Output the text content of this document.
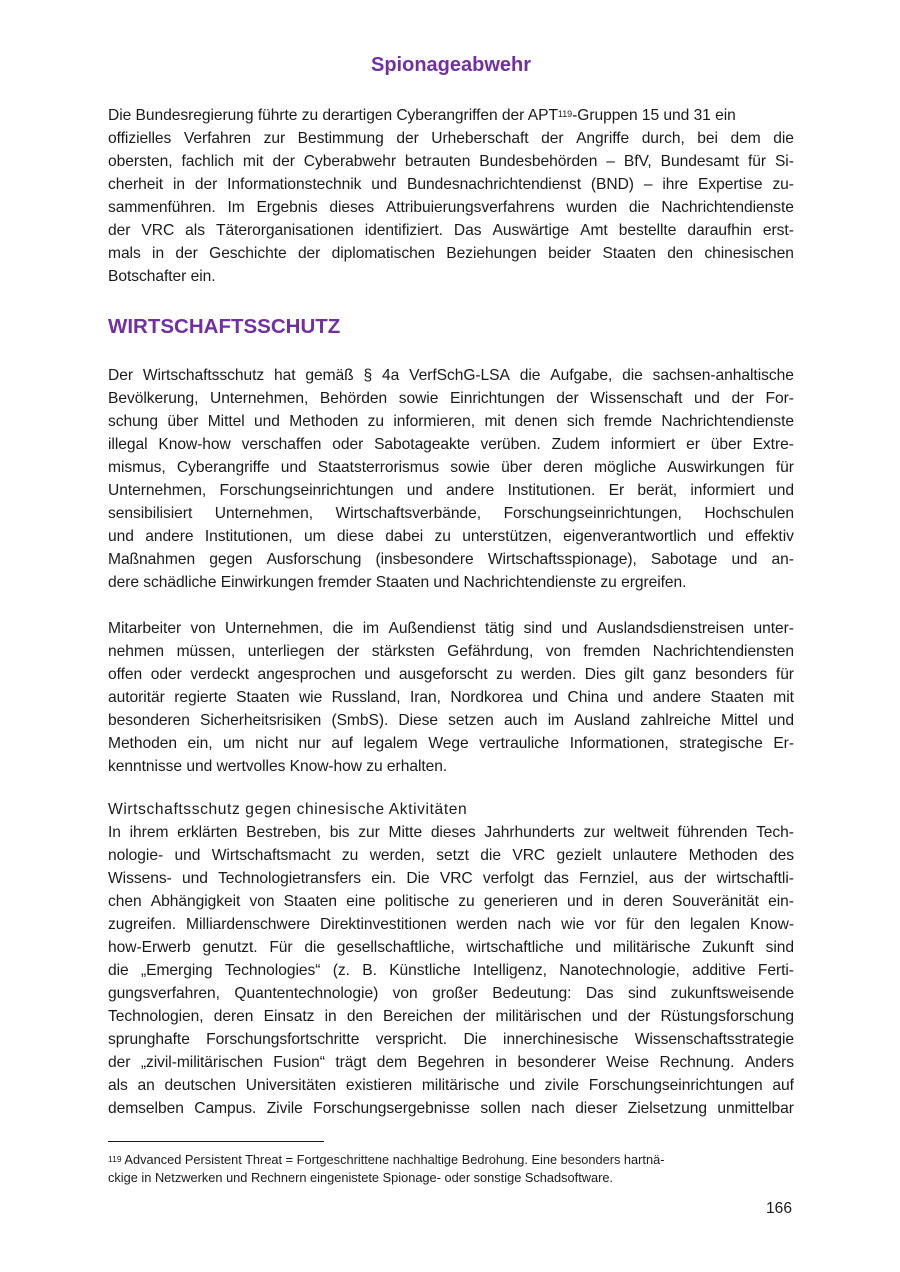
Spionageabwehr
Die Bundesregierung führte zu derartigen Cyberangriffen der APT$^{119}$-Gruppen 15 und 31 ein
offizielles Verfahren zur Bestimmung der Urheberschaft der Angriffe durch, bei dem die
obersten, fachlich mit der Cyberabwehr betrauten Bundesbehörden – BfV, Bundesamt für Si-
cherheit in der Informationstechnik und Bundesnachrichtendienst (BND) – ihre Expertise zu-
sammenführen. Im Ergebnis dieses Attribuierungsverfahrens wurden die Nachrichtendienste
der VRC als Täterorganisationen identifiziert. Das Auswärtige Amt bestellte daraufhin erst-
mals in der Geschichte der diplomatischen Beziehungen beider Staaten den chinesischen
Botschafter ein.
WIRTSCHAFTSSCHUTZ
Der Wirtschaftsschutz hat gemäß § 4a VerfSchG-LSA die Aufgabe, die sachsen-anhaltische
Bevölkerung, Unternehmen, Behörden sowie Einrichtungen der Wissenschaft und der For-
schung über Mittel und Methoden zu informieren, mit denen sich fremde Nachrichtendienste
illegal Know-how verschaffen oder Sabotageakte verüben. Zudem informiert er über Extre-
mismus, Cyberangriffe und Staatsterrorismus sowie über deren mögliche Auswirkungen für
Unternehmen, Forschungseinrichtungen und andere Institutionen. Er berät, informiert und
sensibilisiert Unternehmen, Wirtschaftsverbände, Forschungseinrichtungen, Hochschulen
und andere Institutionen, um diese dabei zu unterstützen, eigenverantwortlich und effektiv
Maßnahmen gegen Ausforschung (insbesondere Wirtschaftsspionage), Sabotage und an-
dere schädliche Einwirkungen fremder Staaten und Nachrichtendienste zu ergreifen.
Mitarbeiter von Unternehmen, die im Außendienst tätig sind und Auslandsdienstreisen unter-
nehmen müssen, unterliegen der stärksten Gefährdung, von fremden Nachrichtendiensten
offen oder verdeckt angesprochen und ausgeforscht zu werden. Dies gilt ganz besonders für
autoritär regierte Staaten wie Russland, Iran, Nordkorea und China und andere Staaten mit
besonderen Sicherheitsrisiken (SmbS). Diese setzen auch im Ausland zahlreiche Mittel und
Methoden ein, um nicht nur auf legalem Wege vertrauliche Informationen, strategische Er-
kenntnisse und wertvolles Know-how zu erhalten.
Wirtschaftsschutz gegen chinesische Aktivitäten
In ihrem erklärten Bestreben, bis zur Mitte dieses Jahrhunderts zur weltweit führenden Tech-
nologie- und Wirtschaftsmacht zu werden, setzt die VRC gezielt unlautere Methoden des
Wissens- und Technologietransfers ein. Die VRC verfolgt das Fernziel, aus der wirtschaftli-
chen Abhängigkeit von Staaten eine politische zu generieren und in deren Souveränität ein-
zugreifen. Milliardenschwere Direktinvestitionen werden nach wie vor für den legalen Know-
how-Erwerb genutzt. Für die gesellschaftliche, wirtschaftliche und militärische Zukunft sind
die „Emerging Technologies“ (z. B. Künstliche Intelligenz, Nanotechnologie, additive Ferti-
gungsverfahren, Quantentechnologie) von großer Bedeutung: Das sind zukunftsweisende
Technologien, deren Einsatz in den Bereichen der militärischen und der Rüstungsforschung
sprunghafte Forschungsfortschritte verspricht. Die innerchinesische Wissenschaftsstrategie
der „zivil-militärischen Fusion“ trägt dem Begehren in besonderer Weise Rechnung. Anders
als an deutschen Universitäten existieren militärische und zivile Forschungseinrichtungen auf
demselben Campus. Zivile Forschungsergebnisse sollen nach dieser Zielsetzung unmittelbar
$^{119}$ Advanced Persistent Threat = Fortgeschrittene nachhaltige Bedrohung. Eine besonders hartnä-
ckige in Netzwerken und Rechnern eingenistete Spionage- oder sonstige Schadsoftware.
166
